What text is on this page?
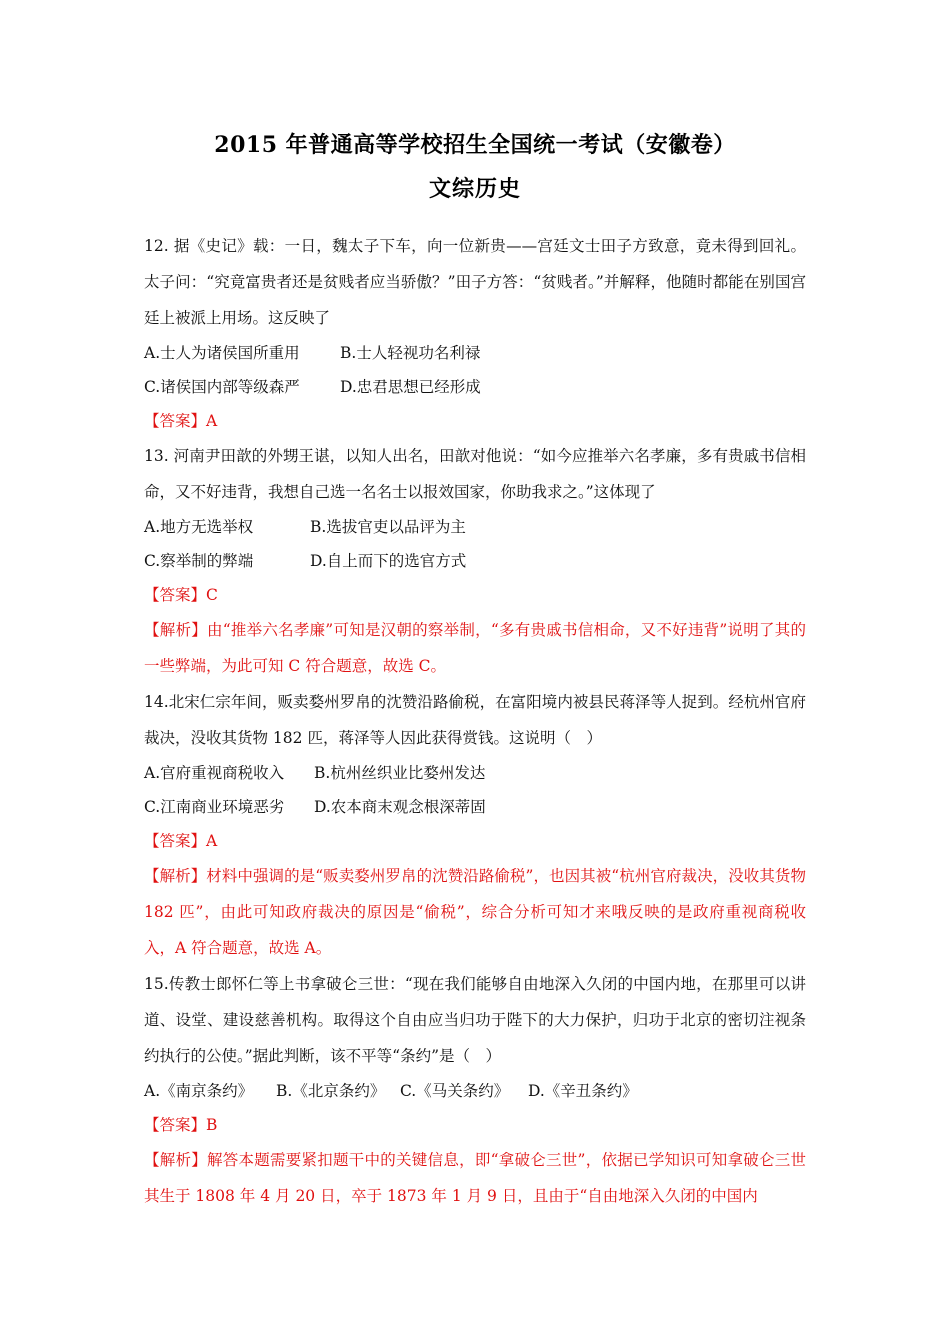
2015 年普通高等学校招生全国统一考试（安徽卷）
文综历史

12. 据《史记》载：一日，魏太子下车，向一位新贵——宫廷文士田子方致意，竟未得到回礼。太子问：“究竟富贵者还是贫贱者应当骄傲？”田子方答：“贫贱者。”并解释，他随时都能在别国宫廷上被派上用场。这反映了

A.士人为诸侯国所重用	B.士人轻视功名利禄

C.诸侯国内部等级森严	D.忠君思想已经形成

【答案】A

13. 河南尹田歆的外甥王谌，以知人出名，田歆对他说：“如今应推举六名孝廉，多有贵戚书信相命，又不好违背，我想自己选一名名士以报效国家，你助我求之。”这体现了

A.地方无选举权	B.选拔官吏以品评为主

C.察举制的弊端	D.自上而下的选官方式

【答案】C

【解析】由“推举六名孝廉”可知是汉朝的察举制，“多有贵戚书信相命，又不好违背”说明了其的一些弊端，为此可知 C 符合题意，故选 C。

14.北宋仁宗年间，贩卖婺州罗帛的沈赞沿路偷税，在富阳境内被县民蒋泽等人捉到。经杭州官府裁决，没收其货物 182 匹，蒋泽等人因此获得赏钱。这说明（　）

A.官府重视商税收入 B.杭州丝织业比婺州发达

C.江南商业环境恶劣 D.农本商末观念根深蒂固

【答案】A

【解析】材料中强调的是“贩卖婺州罗帛的沈赞沿路偷税”，也因其被“杭州官府裁决，没收其货物 182 匹”，由此可知政府裁决的原因是“偷税”，综合分析可知才来哦反映的是政府重视商税收入，A 符合题意，故选 A。

15.传教士郎怀仁等上书拿破仑三世：“现在我们能够自由地深入久闭的中国内地，在那里可以讲道、设堂、建设慈善机构。取得这个自由应当归功于陛下的大力保护，归功于北京的密切注视条约执行的公使。”据此判断，该不平等“条约”是（　）

A.《南京条约》 B.《北京条约》 C.《马关条约》 D.《辛丑条约》

【答案】B

【解析】解答本题需要紧扣题干中的关键信息，即“拿破仑三世”，依据已学知识可知拿破仑三世其生于 1808 年 4 月 20 日，卒于 1873 年 1 月 9 日，且由于“自由地深入久闭的中国内
